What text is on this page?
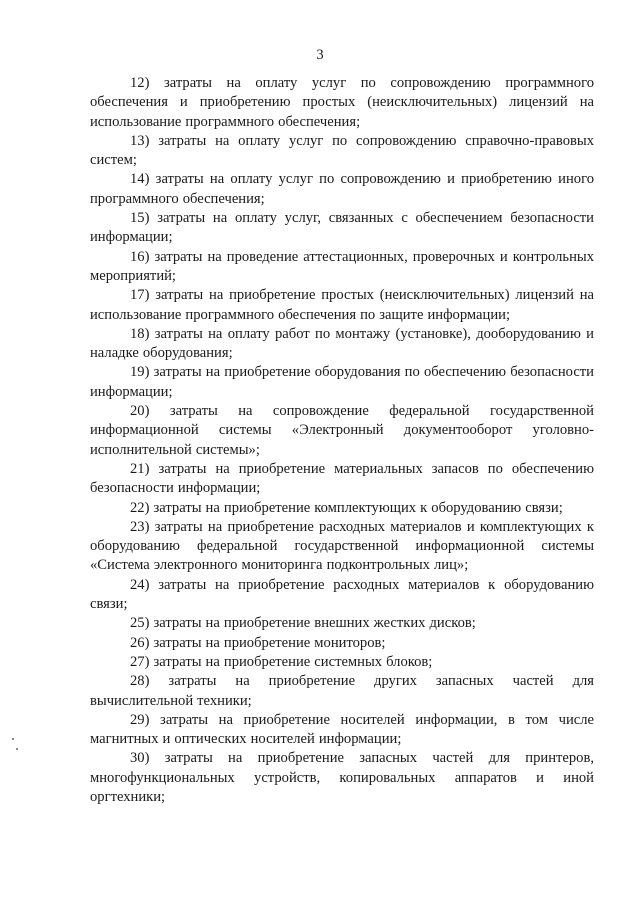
3

12) затраты на оплату услуг по сопровождению программного обеспечения и приобретению простых (неисключительных) лицензий на использование программного обеспечения;

13) затраты на оплату услуг по сопровождению справочно-правовых систем;

14) затраты на оплату услуг по сопровождению и приобретению иного программного обеспечения;

15) затраты на оплату услуг, связанных с обеспечением безопасности информации;

16) затраты на проведение аттестационных, проверочных и контрольных мероприятий;

17) затраты на приобретение простых (неисключительных) лицензий на использование программного обеспечения по защите информации;

18) затраты на оплату работ по монтажу (установке), дооборудованию и наладке оборудования;

19) затраты на приобретение оборудования по обеспечению безопасности информации;

20) затраты на сопровождение федеральной государственной информационной системы «Электронный документооборот уголовно-исполнительной системы»;

21) затраты на приобретение материальных запасов по обеспечению безопасности информации;

22) затраты на приобретение комплектующих к оборудованию связи;

23) затраты на приобретение расходных материалов и комплектующих к оборудованию федеральной государственной информационной системы «Система электронного мониторинга подконтрольных лиц»;

24) затраты на приобретение расходных материалов к оборудованию связи;

25) затраты на приобретение внешних жестких дисков;

26) затраты на приобретение мониторов;

27) затраты на приобретение системных блоков;

28) затраты на приобретение других запасных частей для вычислительной техники;

29) затраты на приобретение носителей информации, в том числе магнитных и оптических носителей информации;

30) затраты на приобретение запасных частей для принтеров, многофункциональных устройств, копировальных аппаратов и иной оргтехники;
